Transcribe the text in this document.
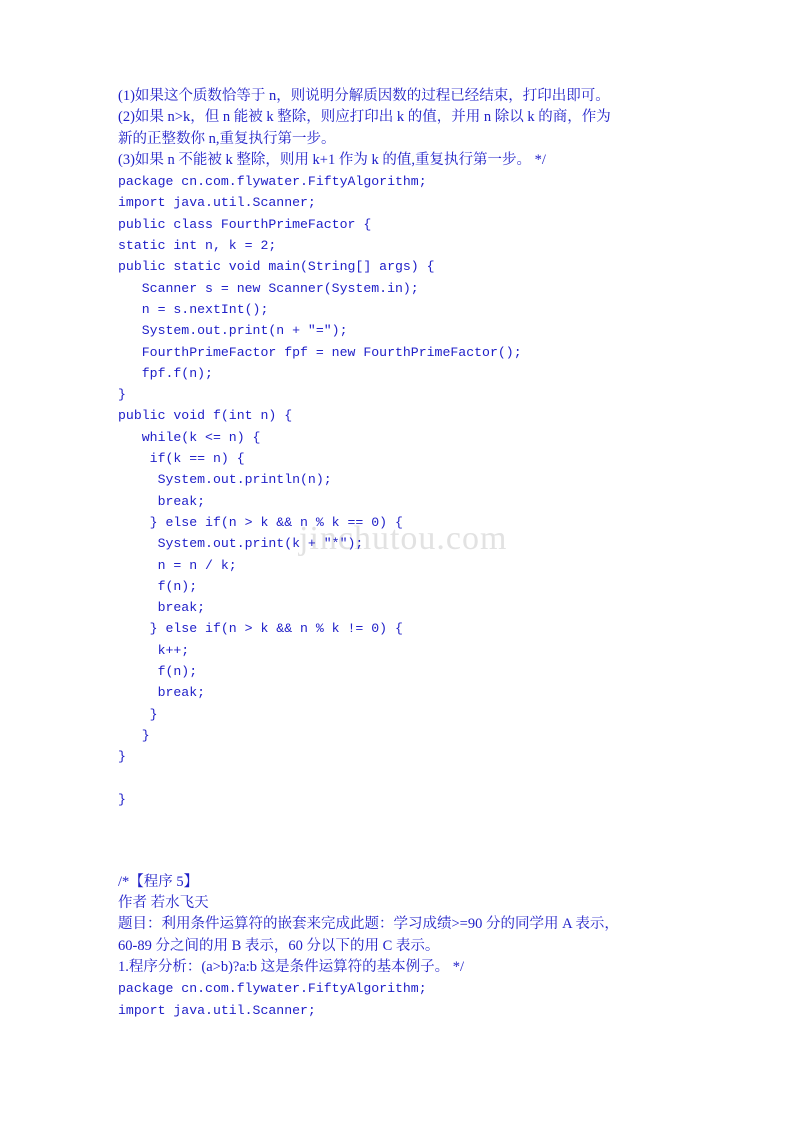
jinchutou.com
(1)如果这个质数恰等于 n，则说明分解质因数的过程已经结束，打印出即可。
(2)如果 n>k，但 n 能被 k 整除，则应打印出 k 的值，并用 n 除以 k 的商，作为
新的正整数你 n,重复执行第一步。
(3)如果 n 不能被 k 整除，则用 k+1 作为 k 的值,重复执行第一步。 */
package cn.com.flywater.FiftyAlgorithm;
import java.util.Scanner;
public class FourthPrimeFactor {
static int n, k = 2;
public static void main(String[] args) {
Scanner s = new Scanner(System.in);
n = s.nextInt();
System.out.print(n + "=");
FourthPrimeFactor fpf = new FourthPrimeFactor();
fpf.f(n);
}
public void f(int n) {
while(k <= n) {
if(k == n) {
System.out.println(n);
break;
} else if(n > k && n % k == 0) {
System.out.print(k + "*");
n = n / k;
f(n);
break;
} else if(n > k && n % k != 0) {
k++;
f(n);
break;
}
}
}
}
/*【程序 5】
作者 若水飞天
题目：利用条件运算符的嵌套来完成此题：学习成绩>=90 分的同学用 A 表示，
60-89 分之间的用 B 表示，60 分以下的用 C 表示。
1.程序分析：(a>b)?a:b 这是条件运算符的基本例子。 */
package cn.com.flywater.FiftyAlgorithm;
import java.util.Scanner;
